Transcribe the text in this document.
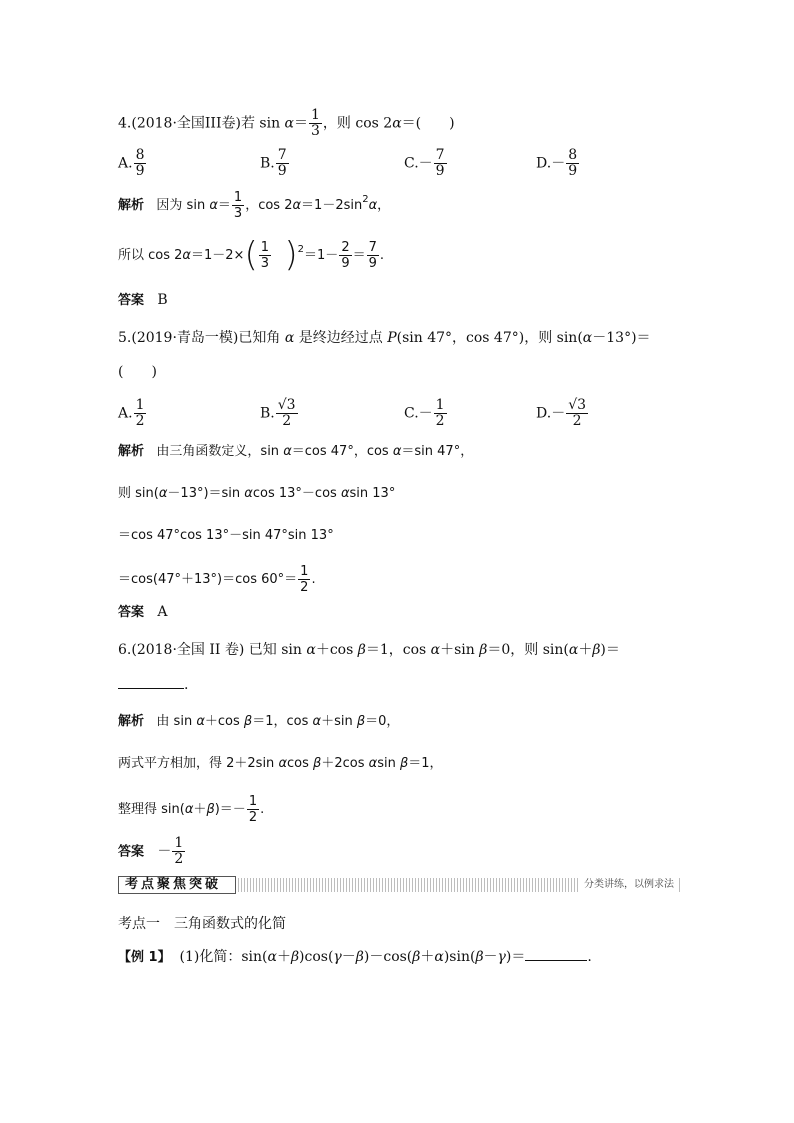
4.(2018·全国III卷)若 $\sin \alpha= \frac{1}{3}$ ，则 cos 2α＝(　　)
A. $\frac{8}{9}$	B. $\frac{7}{9}$	$C.- \frac{7}{9}$	$D.- \frac{8}{9}$
解析 因为 $\sin \alpha= \frac{1}{3}$ ，$\cos 2\alpha=1-2\sin^2\alpha$，
所以 $\cos 2\alpha=1-2\times( \frac{1}{3} )^2=1- \frac{2}{9} = \frac{7}{9}$ .
答案 B
5.(2019·青岛一模)已知角 α 是终边经过点 P(sin 47°，cos 47°)，则 sin(α－13°)＝
(　　)
A. $\frac{1}{2}$	B. $\frac{√3}{2}$	$C.- \frac{1}{2}$	$D.- \frac{√3}{2}$
解析 由三角函数定义，sin α＝cos 47°，cos α＝sin 47°，
则 sin(α－13°)＝sin αcos 13°－cos αsin 13°
＝cos 47°cos 13°－sin 47°sin 13°
＝cos(47°＋13°)＝cos $60^\circ= \frac{1}{2}$ .
答案 A
6.(2018·全国 II 卷) 已知 sin α＋cos β＝1，cos α＋sin β＝0，则 sin(α＋β)＝
.
解析 由 sin α＋cos β＝1，cos α＋sin β＝0，
两式平方相加，得 2＋2sin αcos β＋2cos αsin β＝1，
整理得 $\sin(\alpha+\beta)=- \frac{1}{2}$ .
答案 － $\frac{1}{2}$
考点聚焦突破	分类讲练，以例求法
考点一　三角函数式的化简
【例 1】 (1)化简：sin(α＋β)cos(γ－β)－cos(β＋α)sin(β－γ)＝	.
